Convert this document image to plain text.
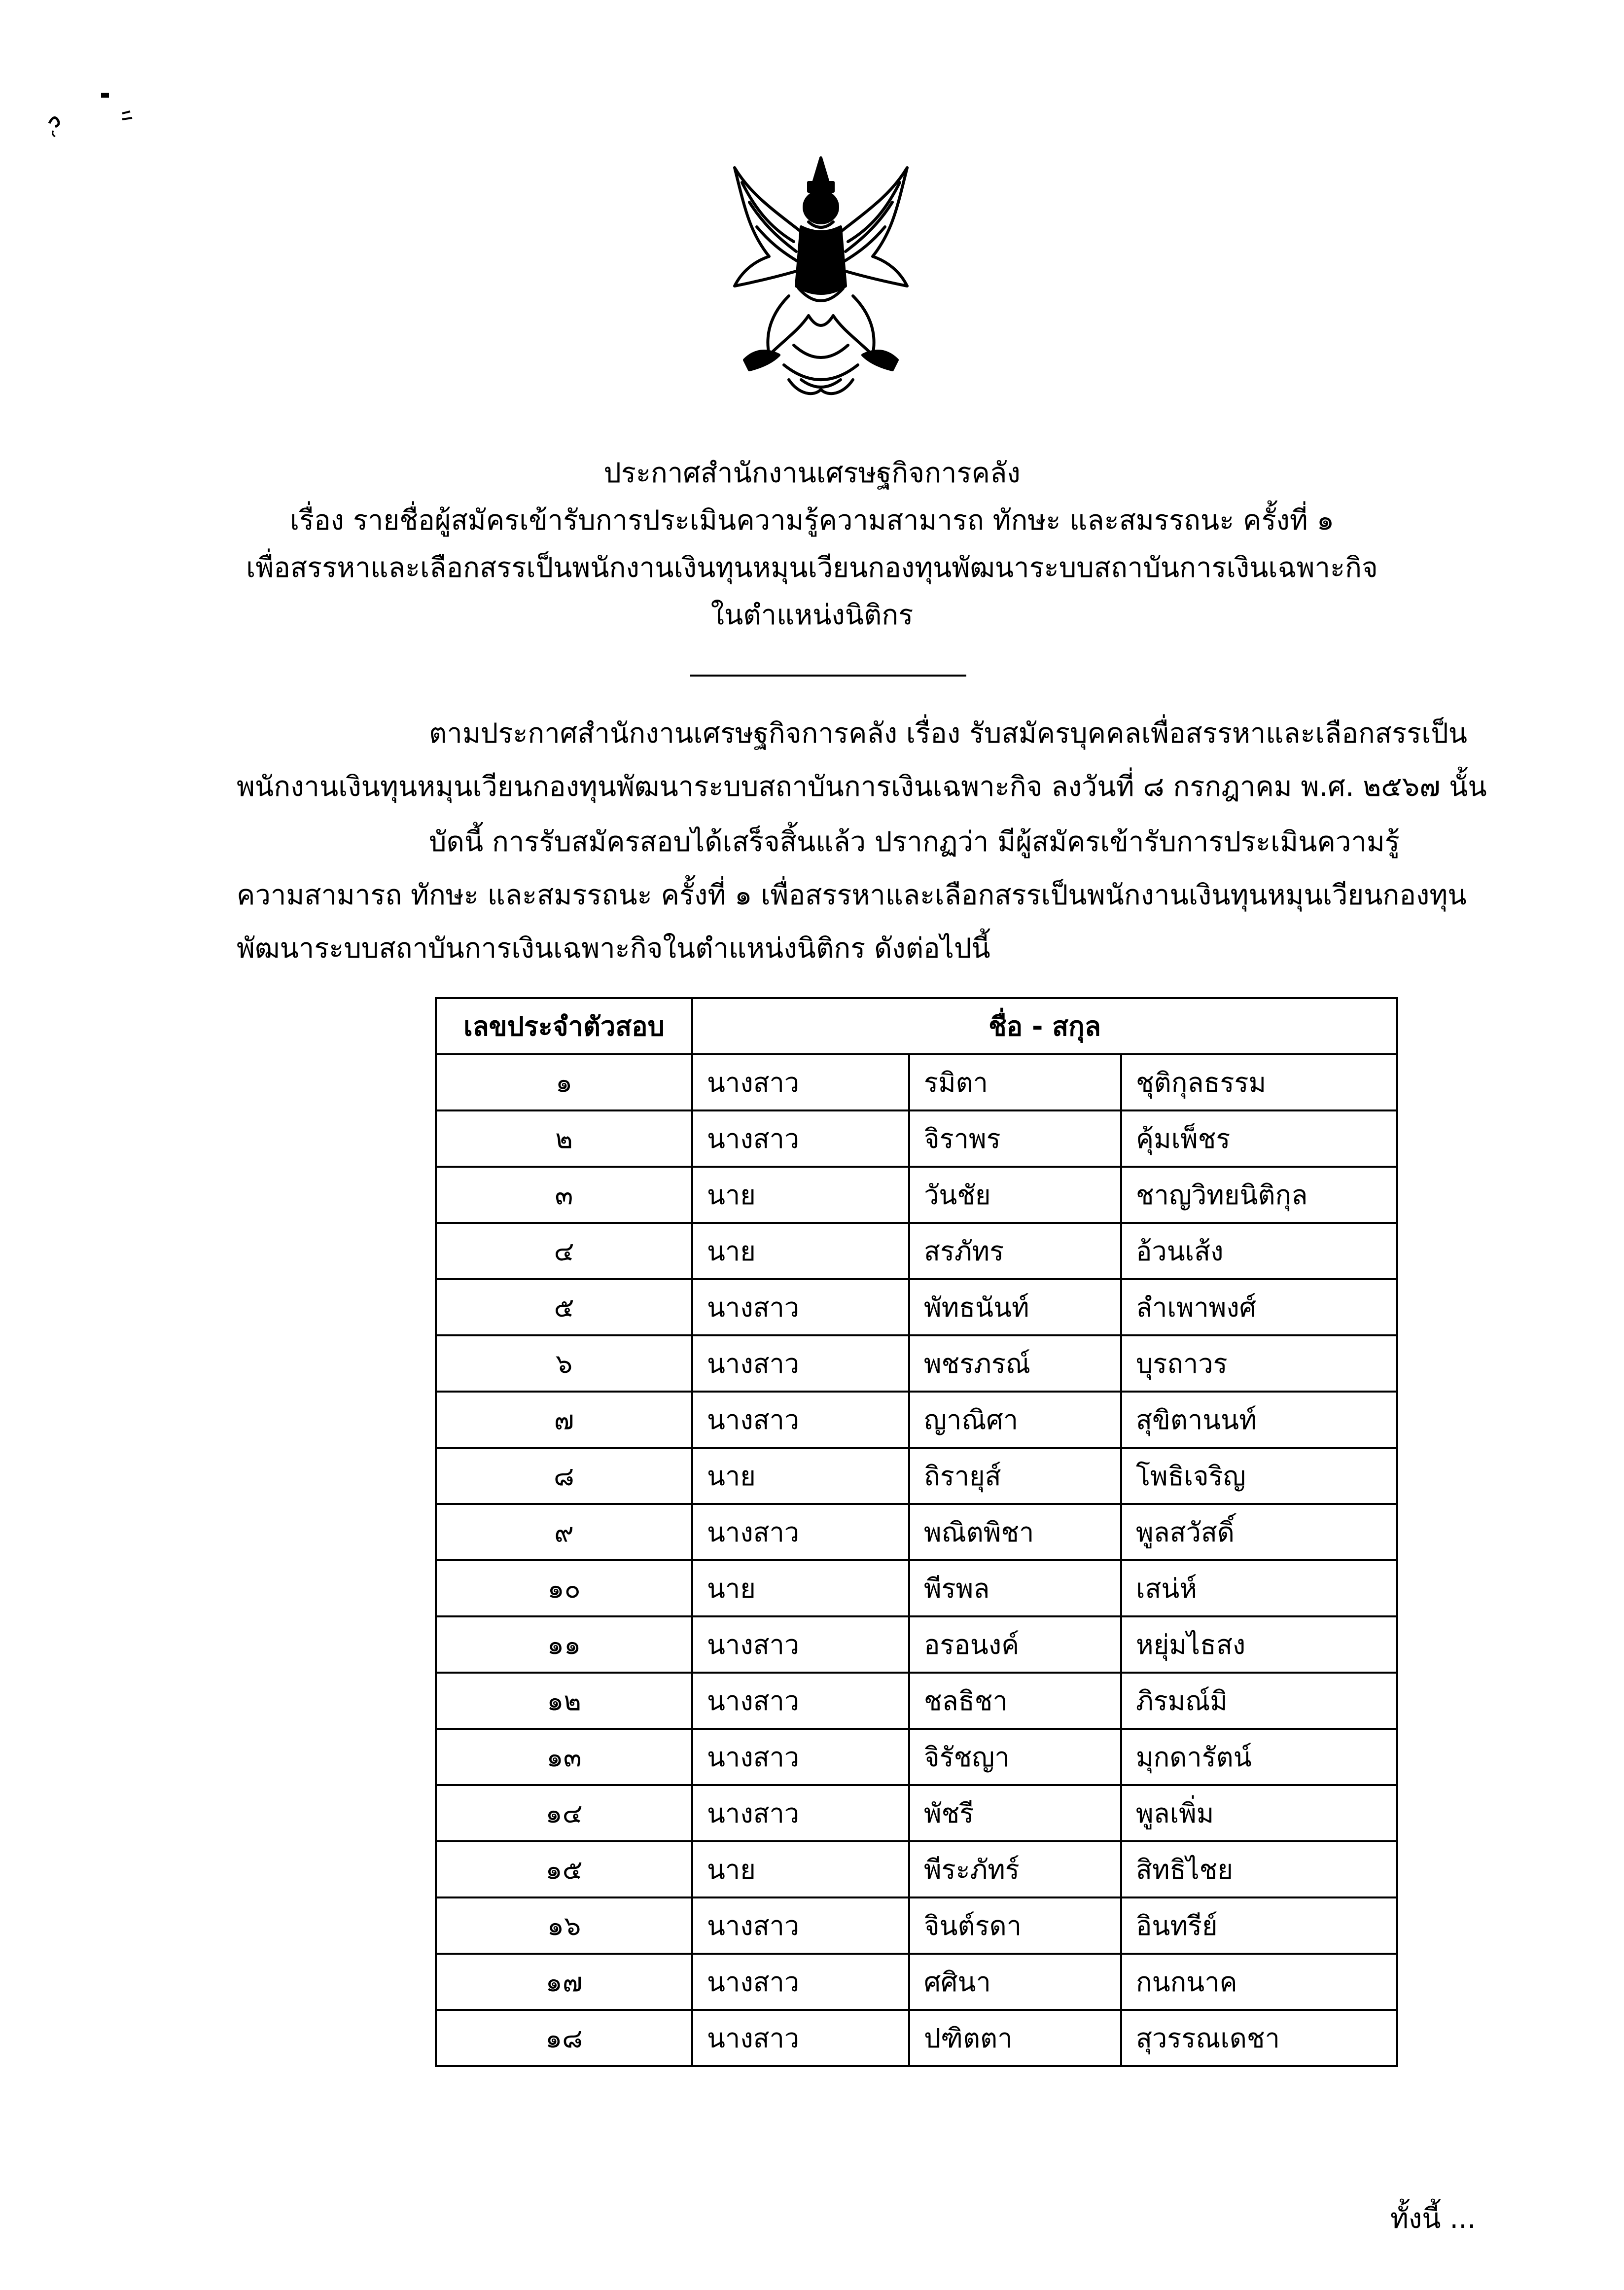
ประกาศสำนักงานเศรษฐกิจการคลัง
เรื่อง รายชื่อผู้สมัครเข้ารับการประเมินความรู้ความสามารถ ทักษะ และสมรรถนะ ครั้งที่ ๑
เพื่อสรรหาและเลือกสรรเป็นพนักงานเงินทุนหมุนเวียนกองทุนพัฒนาระบบสถาบันการเงินเฉพาะกิจ
ในตำแหน่งนิติกร
ตามประกาศสำนักงานเศรษฐกิจการคลัง เรื่อง รับสมัครบุคคลเพื่อสรรหาและเลือกสรรเป็น
พนักงานเงินทุนหมุนเวียนกองทุนพัฒนาระบบสถาบันการเงินเฉพาะกิจ ลงวันที่ ๘ กรกฎาคม พ.ศ. ๒๕๖๗ นั้น
บัดนี้ การรับสมัครสอบได้เสร็จสิ้นแล้ว ปรากฏว่า มีผู้สมัครเข้ารับการประเมินความรู้
ความสามารถ ทักษะ และสมรรถนะ ครั้งที่ ๑ เพื่อสรรหาและเลือกสรรเป็นพนักงานเงินทุนหมุนเวียนกองทุน
พัฒนาระบบสถาบันการเงินเฉพาะกิจในตำแหน่งนิติกร ดังต่อไปนี้
เลขประจำตัวสอบ	ชื่อ - สกุล		
๑	นางสาว	รมิตา	ชุติกุลธรรม
๒	นางสาว	จิราพร	คุ้มเพ็ชร
๓	นาย	วันชัย	ชาญวิทยนิติกุล
๔	นาย	สรภัทร	อ้วนเส้ง
๕	นางสาว	พัทธนันท์	ลำเพาพงศ์
๖	นางสาว	พชรภรณ์	บุรถาวร
๗	นางสาว	ญาณิศา	สุขิตานนท์
๘	นาย	ถิรายุส์	โพธิเจริญ
๙	นางสาว	พณิตพิชา	พูลสวัสดิ์
๑๐	นาย	พีรพล	เสน่ห์
๑๑	นางสาว	อรอนงค์	หยุ่มไธสง
๑๒	นางสาว	ชลธิชา	ภิรมณ์มิ
๑๓	นางสาว	จิรัชญา	มุกดารัตน์
๑๔	นางสาว	พัชรี	พูลเพิ่ม
๑๕	นาย	พีระภัทร์	สิทธิไชย
๑๖	นางสาว	จินต์รดา	อินทรีย์
๑๗	นางสาว	ศศินา	กนกนาค
๑๘	นางสาว	ปฑิตตา	สุวรรณเดชา
ทั้งนี้ ...
